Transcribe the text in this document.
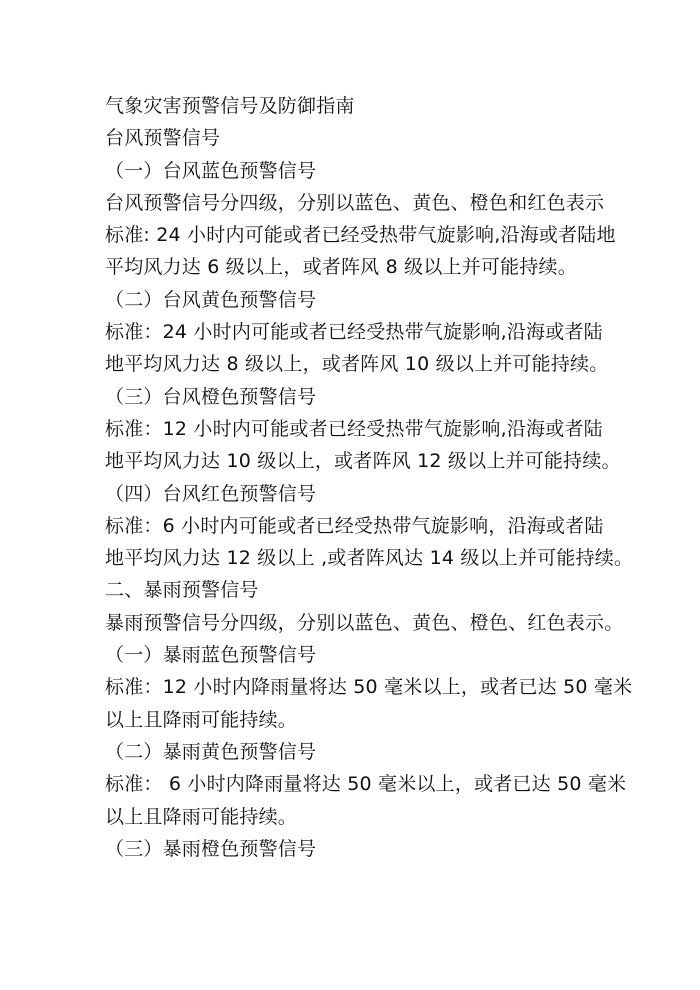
气象灾害预警信号及防御指南
台风预警信号
（一）台风蓝色预警信号
台风预警信号分四级，分别以蓝色、黄色、橙色和红色表示
标准: 24 小时内可能或者已经受热带气旋影响,沿海或者陆地
平均风力达 6 级以上，或者阵风 8 级以上并可能持续。
（二）台风黄色预警信号
标准：24 小时内可能或者已经受热带气旋影响,沿海或者陆
地平均风力达 8 级以上，或者阵风 10 级以上并可能持续。
（三）台风橙色预警信号
标准：12 小时内可能或者已经受热带气旋影响,沿海或者陆
地平均风力达 10 级以上，或者阵风 12 级以上并可能持续。
（四）台风红色预警信号
标准：6 小时内可能或者已经受热带气旋影响，沿海或者陆
地平均风力达 12 级以上 ,或者阵风达 14 级以上并可能持续。
二、暴雨预警信号
暴雨预警信号分四级，分别以蓝色、黄色、橙色、红色表示。
（一）暴雨蓝色预警信号
标准：12 小时内降雨量将达 50 毫米以上，或者已达 50 毫米
以上且降雨可能持续。
（二）暴雨黄色预警信号
标准： 6 小时内降雨量将达 50 毫米以上，或者已达 50 毫米
以上且降雨可能持续。
（三）暴雨橙色预警信号
